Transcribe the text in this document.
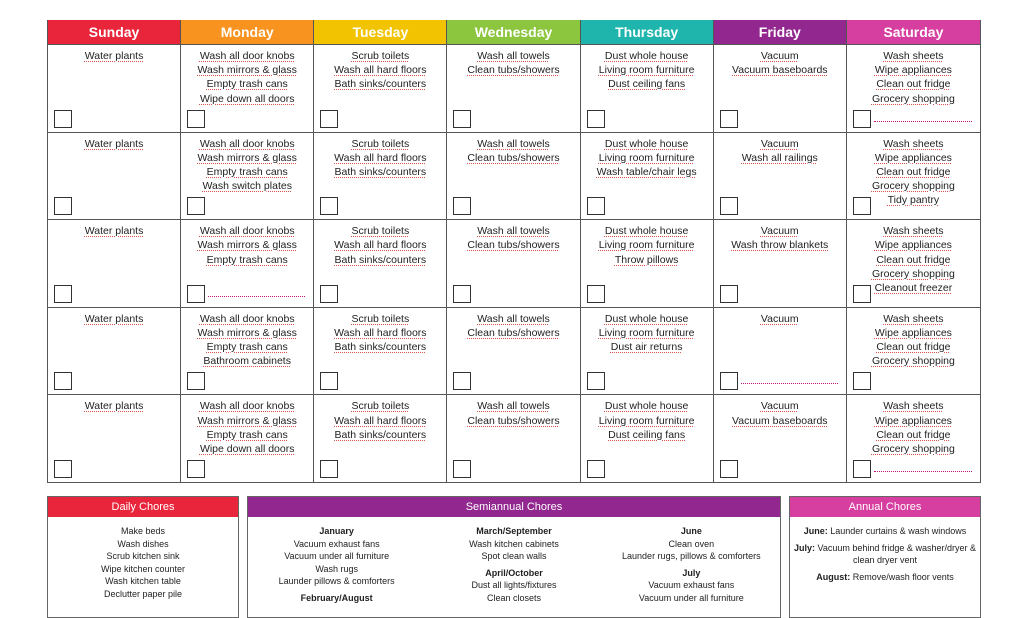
Sunday
Water plants
Water plants
Water plants
Water plants
Water plants
Monday
Wash all door knobs
Wash mirrors & glass
Empty trash cans
Wipe down all doors
Wash all door knobs
Wash mirrors & glass
Empty trash cans
Wash switch plates
Wash all door knobs
Wash mirrors & glass
Empty trash cans
Wash all door knobs
Wash mirrors & glass
Empty trash cans
Bathroom cabinets
Wash all door knobs
Wash mirrors & glass
Empty trash cans
Wipe down all doors
Tuesday
Scrub toilets
Wash all hard floors
Bath sinks/counters
Scrub toilets
Wash all hard floors
Bath sinks/counters
Scrub toilets
Wash all hard floors
Bath sinks/counters
Scrub toilets
Wash all hard floors
Bath sinks/counters
Scrub toilets
Wash all hard floors
Bath sinks/counters
Wednesday
Wash all towels
Clean tubs/showers
Wash all towels
Clean tubs/showers
Wash all towels
Clean tubs/showers
Wash all towels
Clean tubs/showers
Wash all towels
Clean tubs/showers
Thursday
Dust whole house
Living room furniture
Dust ceiling fans
Dust whole house
Living room furniture
Wash table/chair legs
Dust whole house
Living room furniture
Throw pillows
Dust whole house
Living room furniture
Dust air returns
Dust whole house
Living room furniture
Dust ceiling fans
Friday
Vacuum
Vacuum baseboards
Vacuum
Wash all railings
Vacuum
Wash throw blankets
Vacuum
Vacuum
Vacuum baseboards
Saturday
Wash sheets
Wipe appliances
Clean out fridge
Grocery shopping
Wash sheets
Wipe appliances
Clean out fridge
Grocery shopping
Tidy pantry
Wash sheets
Wipe appliances
Clean out fridge
Grocery shopping
Cleanout freezer
Wash sheets
Wipe appliances
Clean out fridge
Grocery shopping
Wash sheets
Wipe appliances
Clean out fridge
Grocery shopping
Daily Chores
Make beds
Wash dishes
Scrub kitchen sink
Wipe kitchen counter
Wash kitchen table
Declutter paper pile
Semiannual Chores
January
Vacuum exhaust fans
Vacuum under all furniture
Wash rugs
Launder pillows & comforters
February/August
March/September
Wash kitchen cabinets
Spot clean walls
April/October
Dust all lights/fixtures
Clean closets
June
Clean oven
Launder rugs, pillows & comforters
July
Vacuum exhaust fans
Vacuum under all furniture
Annual Chores
June: Launder curtains & wash windows
July: Vacuum behind fridge & washer/dryer & clean dryer vent
August: Remove/wash floor vents
